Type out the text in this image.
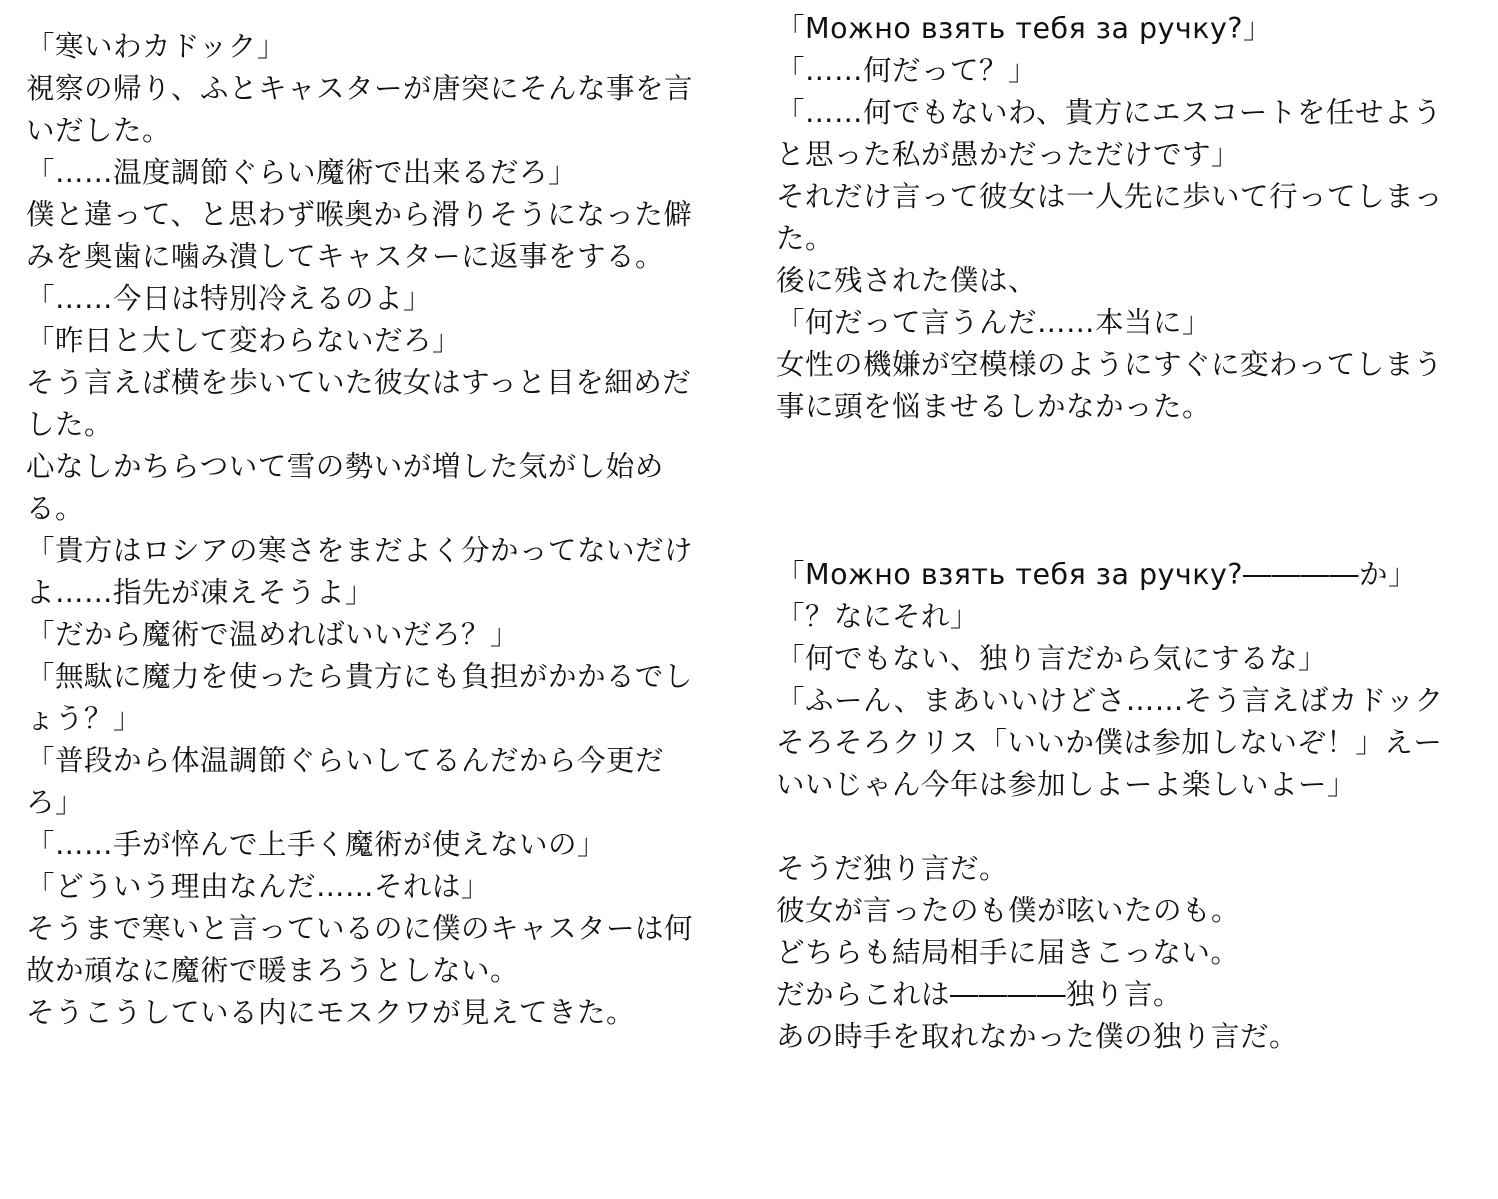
「寒いわカドック」
視察の帰り、ふとキャスターが唐突にそんな事を言
いだした。
「……温度調節ぐらい魔術で出来るだろ」
僕と違って、と思わず喉奥から滑りそうになった僻
みを奥歯に噛み潰してキャスターに返事をする。
「……今日は特別冷えるのよ」
「昨日と大して変わらないだろ」
そう言えば横を歩いていた彼女はすっと目を細めだ
した。
心なしかちらついて雪の勢いが増した気がし始め
る。
「貴方はロシアの寒さをまだよく分かってないだけ
よ……指先が凍えそうよ」
「だから魔術で温めればいいだろ？」
「無駄に魔力を使ったら貴方にも負担がかかるでし
ょう？」
「普段から体温調節ぐらいしてるんだから今更だ
ろ」
「……手が悴んで上手く魔術が使えないの」
「どういう理由なんだ……それは」
そうまで寒いと言っているのに僕のキャスターは何
故か頑なに魔術で暖まろうとしない。
そうこうしている内にモスクワが見えてきた。
「Можно взять тебя за ручку?」
「……何だって？」
「……何でもないわ、貴方にエスコートを任せよう
と思った私が愚かだっただけです」
それだけ言って彼女は一人先に歩いて行ってしまっ
た。
後に残された僕は、
「何だって言うんだ……本当に」
女性の機嫌が空模様のようにすぐに変わってしまう
事に頭を悩ませるしかなかった。
「Можно взять тебя за ручку?――――か」
「？なにそれ」
「何でもない、独り言だから気にするな」
「ふーん、まあいいけどさ……そう言えばカドック
そろそろクリス「いいか僕は参加しないぞ！」えー
いいじゃん今年は参加しよーよ楽しいよー」
そうだ独り言だ。
彼女が言ったのも僕が呟いたのも。
どちらも結局相手に届きこっない。
だからこれは――――独り言。
あの時手を取れなかった僕の独り言だ。
